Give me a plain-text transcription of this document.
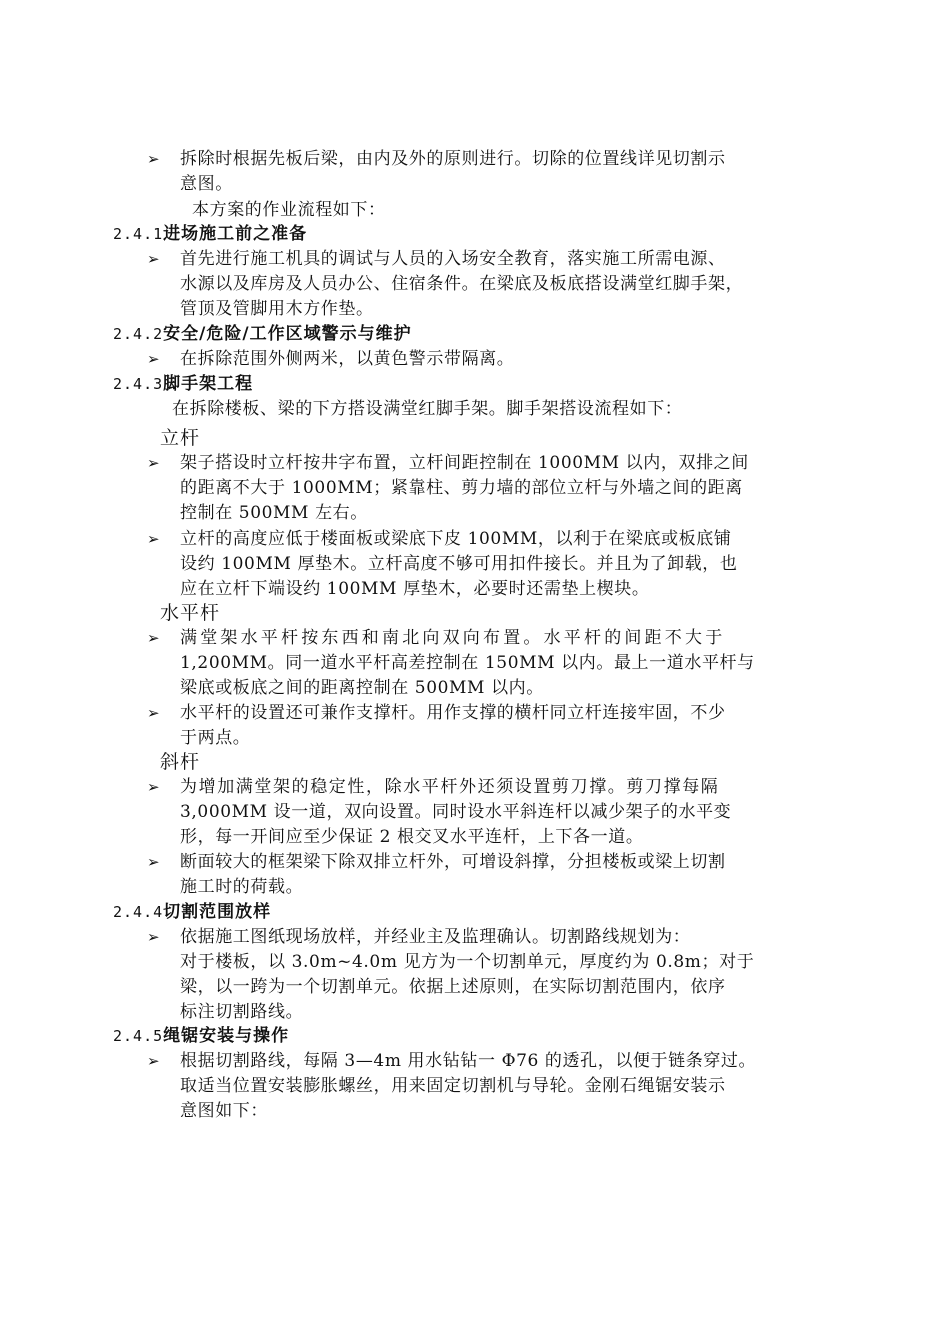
➢ 拆除时根据先板后梁，由内及外的原则进行。切除的位置线详见切割示
意图。
本方案的作业流程如下：
2.4.1进场施工前之准备
➢ 首先进行施工机具的调试与人员的入场安全教育，落实施工所需电源、
水源以及库房及人员办公、住宿条件。在梁底及板底搭设满堂红脚手架，
管顶及管脚用木方作垫。
2.4.2安全/危险/工作区域警示与维护
➢ 在拆除范围外侧两米，以黄色警示带隔离。
2.4.3脚手架工程
在拆除楼板、梁的下方搭设满堂红脚手架。脚手架搭设流程如下：
立杆
➢ 架子搭设时立杆按井字布置，立杆间距控制在 1000MM 以内，双排之间
的距离不大于 1000MM；紧靠柱、剪力墙的部位立杆与外墙之间的距离
控制在 500MM 左右。
➢ 立杆的高度应低于楼面板或梁底下皮 100MM，以利于在梁底或板底铺
设约 100MM 厚垫木。立杆高度不够可用扣件接长。并且为了卸载，也
应在立杆下端设约 100MM 厚垫木，必要时还需垫上楔块。
水平杆
➢ 满堂架水平杆按东西和南北向双向布置。水平杆的间距不大于
1,200MM。同一道水平杆高差控制在 150MM 以内。最上一道水平杆与
梁底或板底之间的距离控制在 500MM 以内。
➢ 水平杆的设置还可兼作支撑杆。用作支撑的横杆同立杆连接牢固，不少
于两点。
斜杆
➢ 为增加满堂架的稳定性，除水平杆外还须设置剪刀撑。剪刀撑每隔
3,000MM 设一道，双向设置。同时设水平斜连杆以减少架子的水平变
形，每一开间应至少保证 2 根交叉水平连杆，上下各一道。
➢ 断面较大的框架梁下除双排立杆外，可增设斜撑，分担楼板或梁上切割
施工时的荷载。
2.4.4切割范围放样
➢ 依据施工图纸现场放样，并经业主及监理确认。切割路线规划为：
对于楼板，以 3.0m~4.0m 见方为一个切割单元，厚度约为 0.8m；对于
梁，以一跨为一个切割单元。依据上述原则，在实际切割范围内，依序
标注切割路线。
2.4.5绳锯安装与操作
➢ 根据切割路线，每隔 3—4m 用水钻钻一 Φ76 的透孔，以便于链条穿过。
取适当位置安装膨胀螺丝，用来固定切割机与导轮。金刚石绳锯安装示
意图如下：
